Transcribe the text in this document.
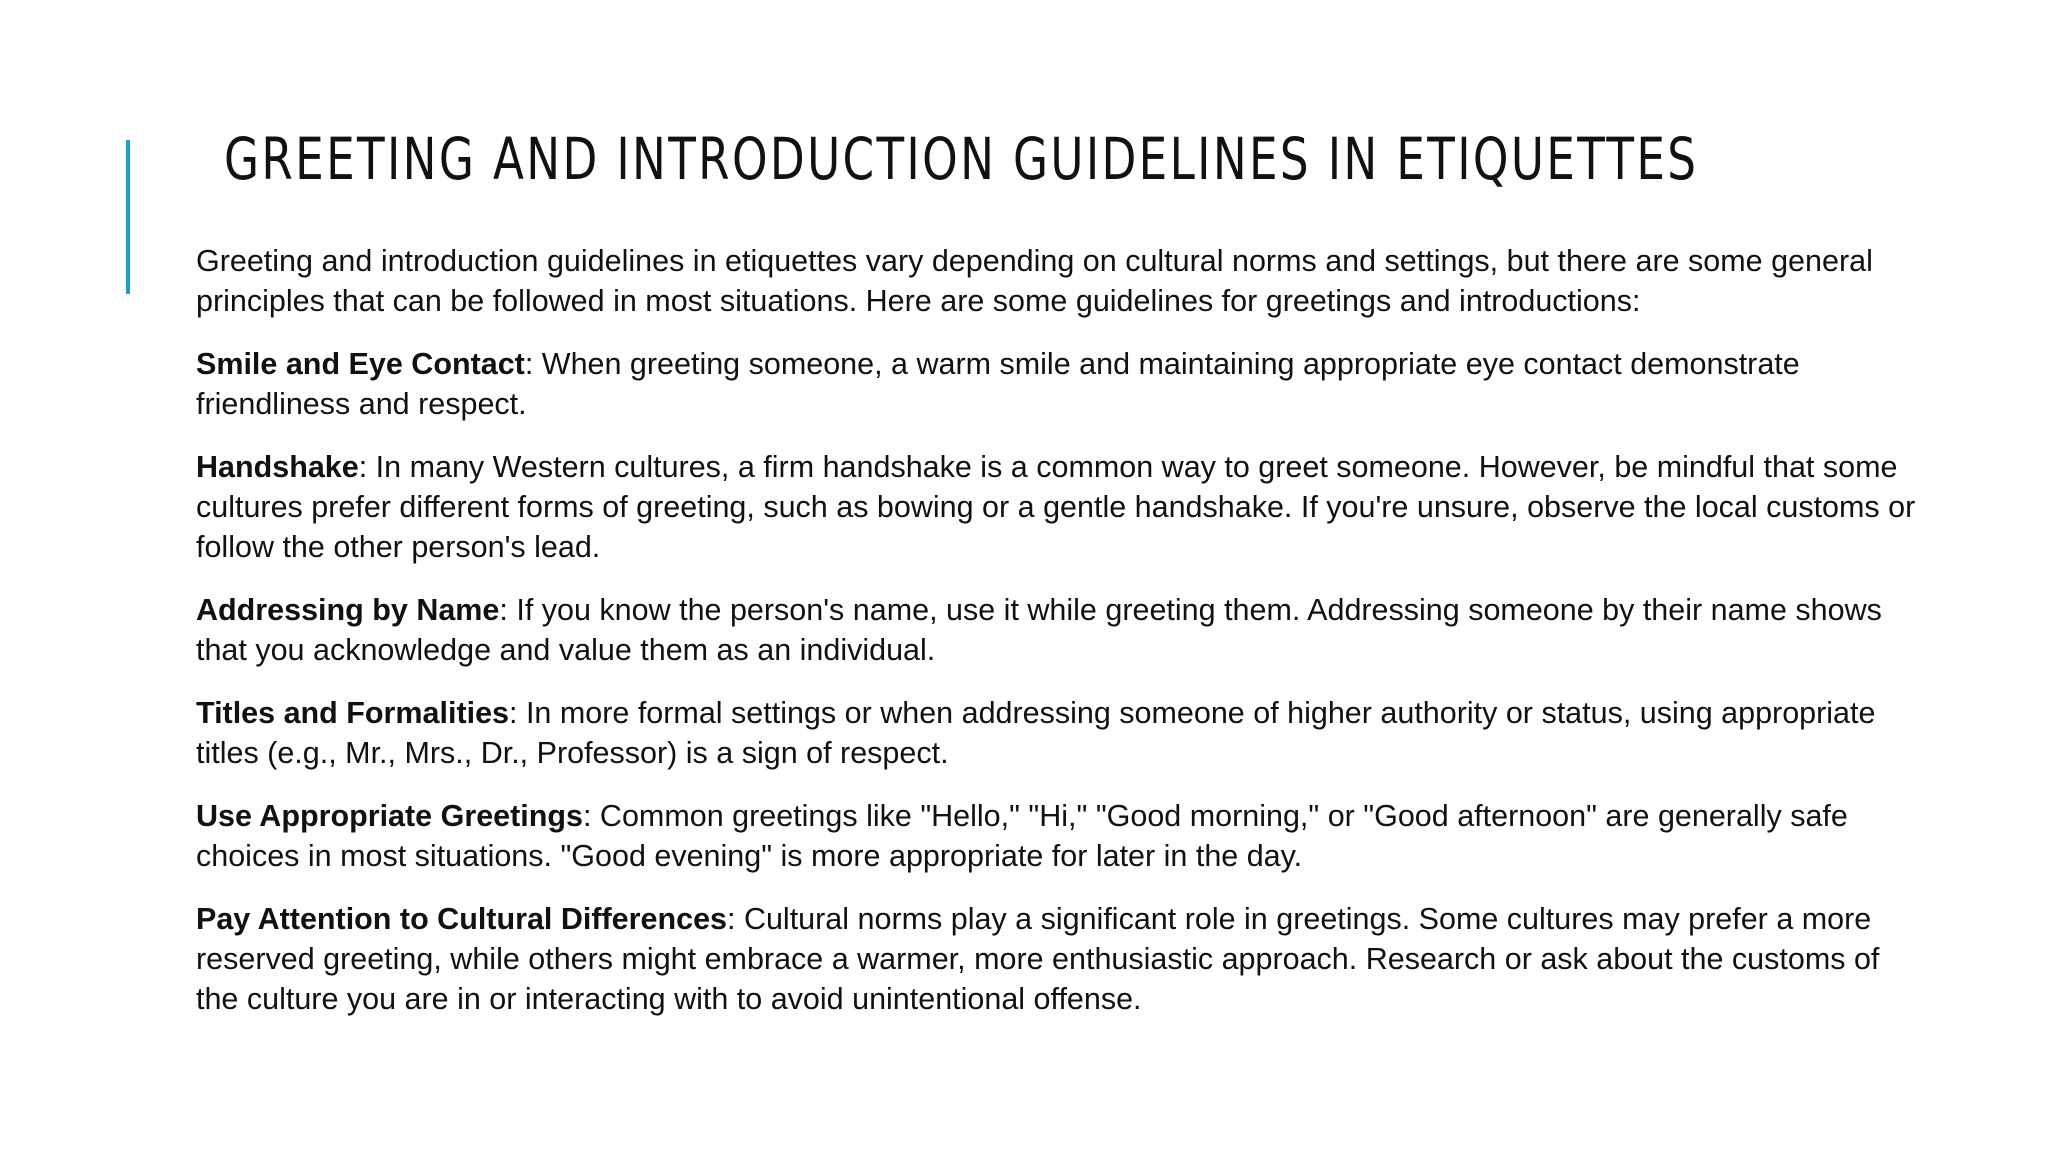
GREETING AND INTRODUCTION GUIDELINES IN ETIQUETTES

Greeting and introduction guidelines in etiquettes vary depending on cultural norms and settings, but there are some general principles that can be followed in most situations. Here are some guidelines for greetings and introductions:

Smile and Eye Contact: When greeting someone, a warm smile and maintaining appropriate eye contact demonstrate friendliness and respect.

Handshake: In many Western cultures, a firm handshake is a common way to greet someone. However, be mindful that some cultures prefer different forms of greeting, such as bowing or a gentle handshake. If you're unsure, observe the local customs or follow the other person's lead.

Addressing by Name: If you know the person's name, use it while greeting them. Addressing someone by their name shows that you acknowledge and value them as an individual.

Titles and Formalities: In more formal settings or when addressing someone of higher authority or status, using appropriate titles (e.g., Mr., Mrs., Dr., Professor) is a sign of respect.

Use Appropriate Greetings: Common greetings like "Hello," "Hi," "Good morning," or "Good afternoon" are generally safe choices in most situations. "Good evening" is more appropriate for later in the day.

Pay Attention to Cultural Differences: Cultural norms play a significant role in greetings. Some cultures may prefer a more reserved greeting, while others might embrace a warmer, more enthusiastic approach. Research or ask about the customs of the culture you are in or interacting with to avoid unintentional offense.
